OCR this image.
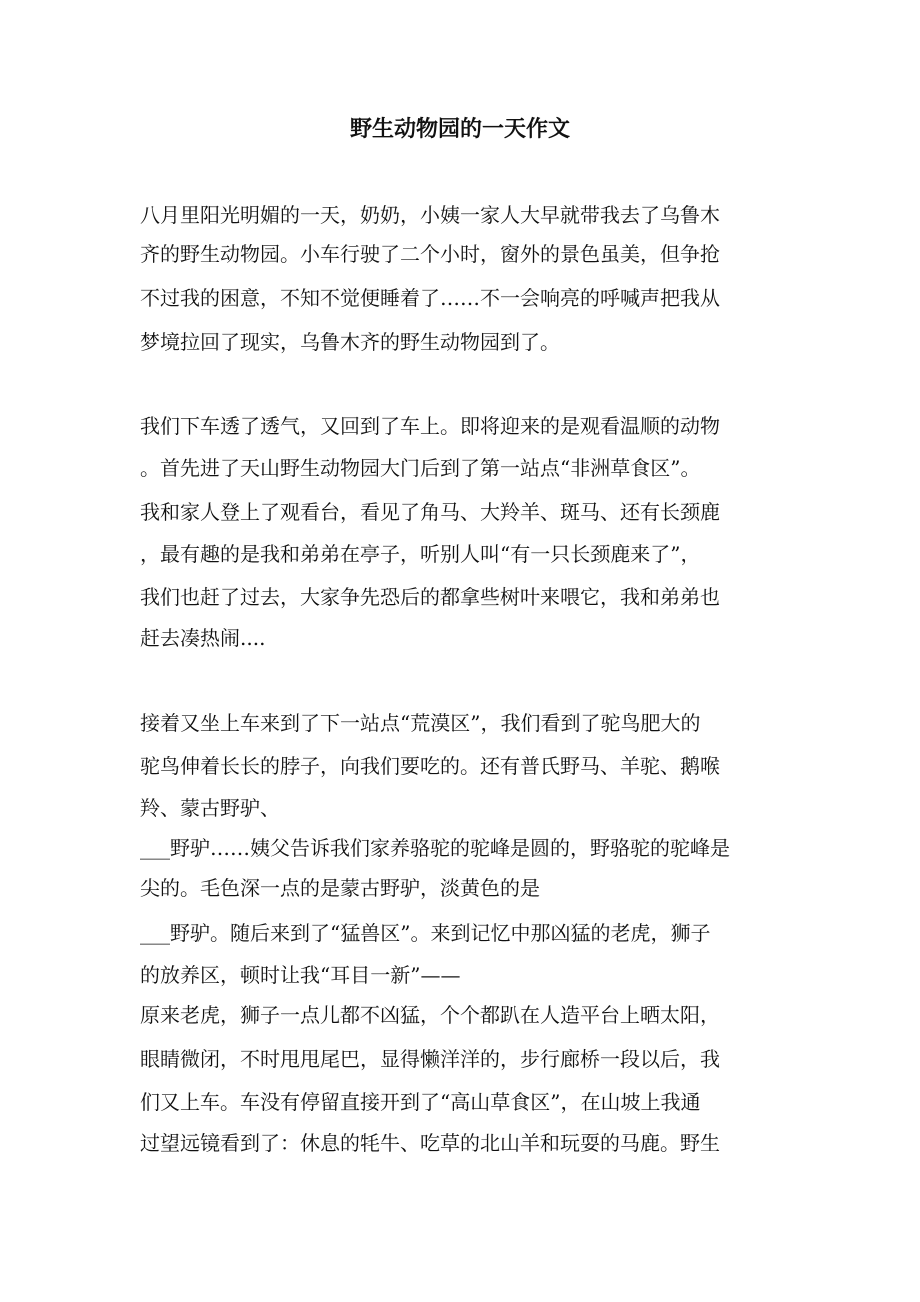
野生动物园的一天作文

八月里阳光明媚的一天，奶奶，小姨一家人大早就带我去了乌鲁木

齐的野生动物园。小车行驶了二个小时，窗外的景色虽美，但争抢

不过我的困意，不知不觉便睡着了……不一会响亮的呼喊声把我从

梦境拉回了现实，乌鲁木齐的野生动物园到了。

我们下车透了透气，又回到了车上。即将迎来的是观看温顺的动物

。首先进了天山野生动物园大门后到了第一站点“非洲草食区”。

我和家人登上了观看台，看见了角马、大羚羊、斑马、还有长颈鹿

，最有趣的是我和弟弟在亭子，听别人叫“有一只长颈鹿来了”，

我们也赶了过去，大家争先恐后的都拿些树叶来喂它，我和弟弟也

赶去凑热闹....

接着又坐上车来到了下一站点“荒漠区”，我们看到了驼鸟肥大的

驼鸟伸着长长的脖子，向我们要吃的。还有普氏野马、羊驼、鹅喉

羚、蒙古野驴、

___野驴……姨父告诉我们家养骆驼的驼峰是圆的，野骆驼的驼峰是

尖的。毛色深一点的是蒙古野驴，淡黄色的是

___野驴。随后来到了“猛兽区”。来到记忆中那凶猛的老虎，狮子

的放养区，顿时让我“耳目一新”——

原来老虎，狮子一点儿都不凶猛，个个都趴在人造平台上晒太阳，

眼睛微闭，不时甩甩尾巴，显得懒洋洋的，步行廊桥一段以后，我

们又上车。车没有停留直接开到了“高山草食区”，在山坡上我通

过望远镜看到了：休息的牦牛、吃草的北山羊和玩耍的马鹿。野生
